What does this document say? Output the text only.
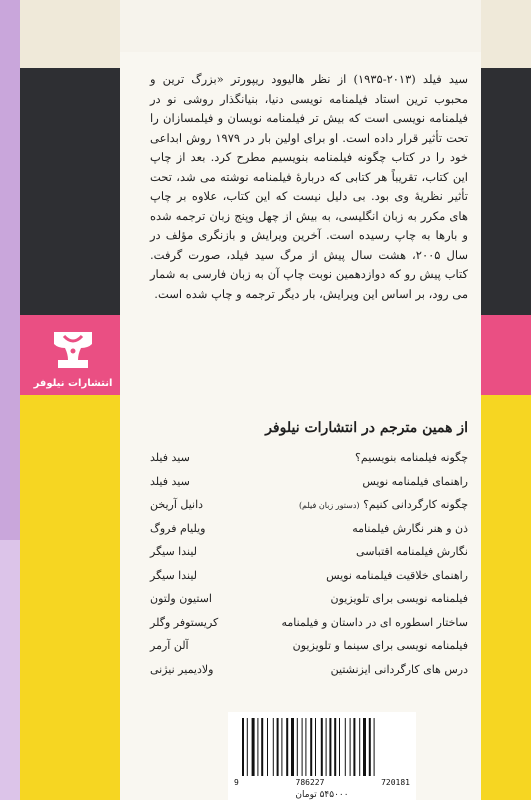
انتشارات نیلوفر

سید فیلد (۲۰۱۳-۱۹۳۵) از نظر هالیوود ریپورتر «بزرگ ترین و محبوب ترین استاد فیلمنامه نویسی دنیا، بنیانگذار روشی نو در فیلمنامه نویسی است که بیش تر فیلمنامه نویسان و فیلمسازان را تحت تأثیر قرار داده است. او برای اولین بار در ۱۹۷۹ روش ابداعی خود را در کتاب چگونه فیلمنامه بنویسیم مطرح کرد. بعد از چاپ این کتاب، تقریباً هر کتابی که دربارهٔ فیلمنامه نوشته می شد، تحت تأثیر نظریهٔ وی بود. بی دلیل نیست که این کتاب، علاوه بر چاپ های مکرر به زبان انگلیسی، به بیش از چهل وپنج زبان ترجمه شده و بارها به چاپ رسیده است. آخرین ویرایش و بازنگری مؤلف در سال ۲۰۰۵، هشت سال پیش از مرگ سید فیلد، صورت گرفت. کتاب پیش رو که دوازدهمین نوبت چاپ آن به زبان فارسی به شمار می رود، بر اساس این ویرایش، بار دیگر ترجمه و چاپ شده است.

از همین مترجم در انتشارات نیلوفر
چگونه فیلمنامه بنویسیم؟
سید فیلد
راهنمای فیلمنامه نویس
سید فیلد
چگونه کارگردانی کنیم؟ (دستور زبان فیلم)
دانیل آریخن
ذن و هنر نگارش فیلمنامه
ویلیام فروگ
نگارش فیلمنامه اقتباسی
لیندا سیگر
راهنمای خلاقیت فیلمنامه نویس
لیندا سیگر
فیلمنامه نویسی برای تلویزیون
استیون ولتون
ساختار اسطوره ای در داستان و فیلمنامه
کریستوفر وگلر
فیلمنامه نویسی برای سینما و تلویزیون
آلن آرمر
درس های کارگردانی ایزنشتین
ولادیمیر نیژنی
9	786227	720181
۵۴۵۰۰۰ تومان
